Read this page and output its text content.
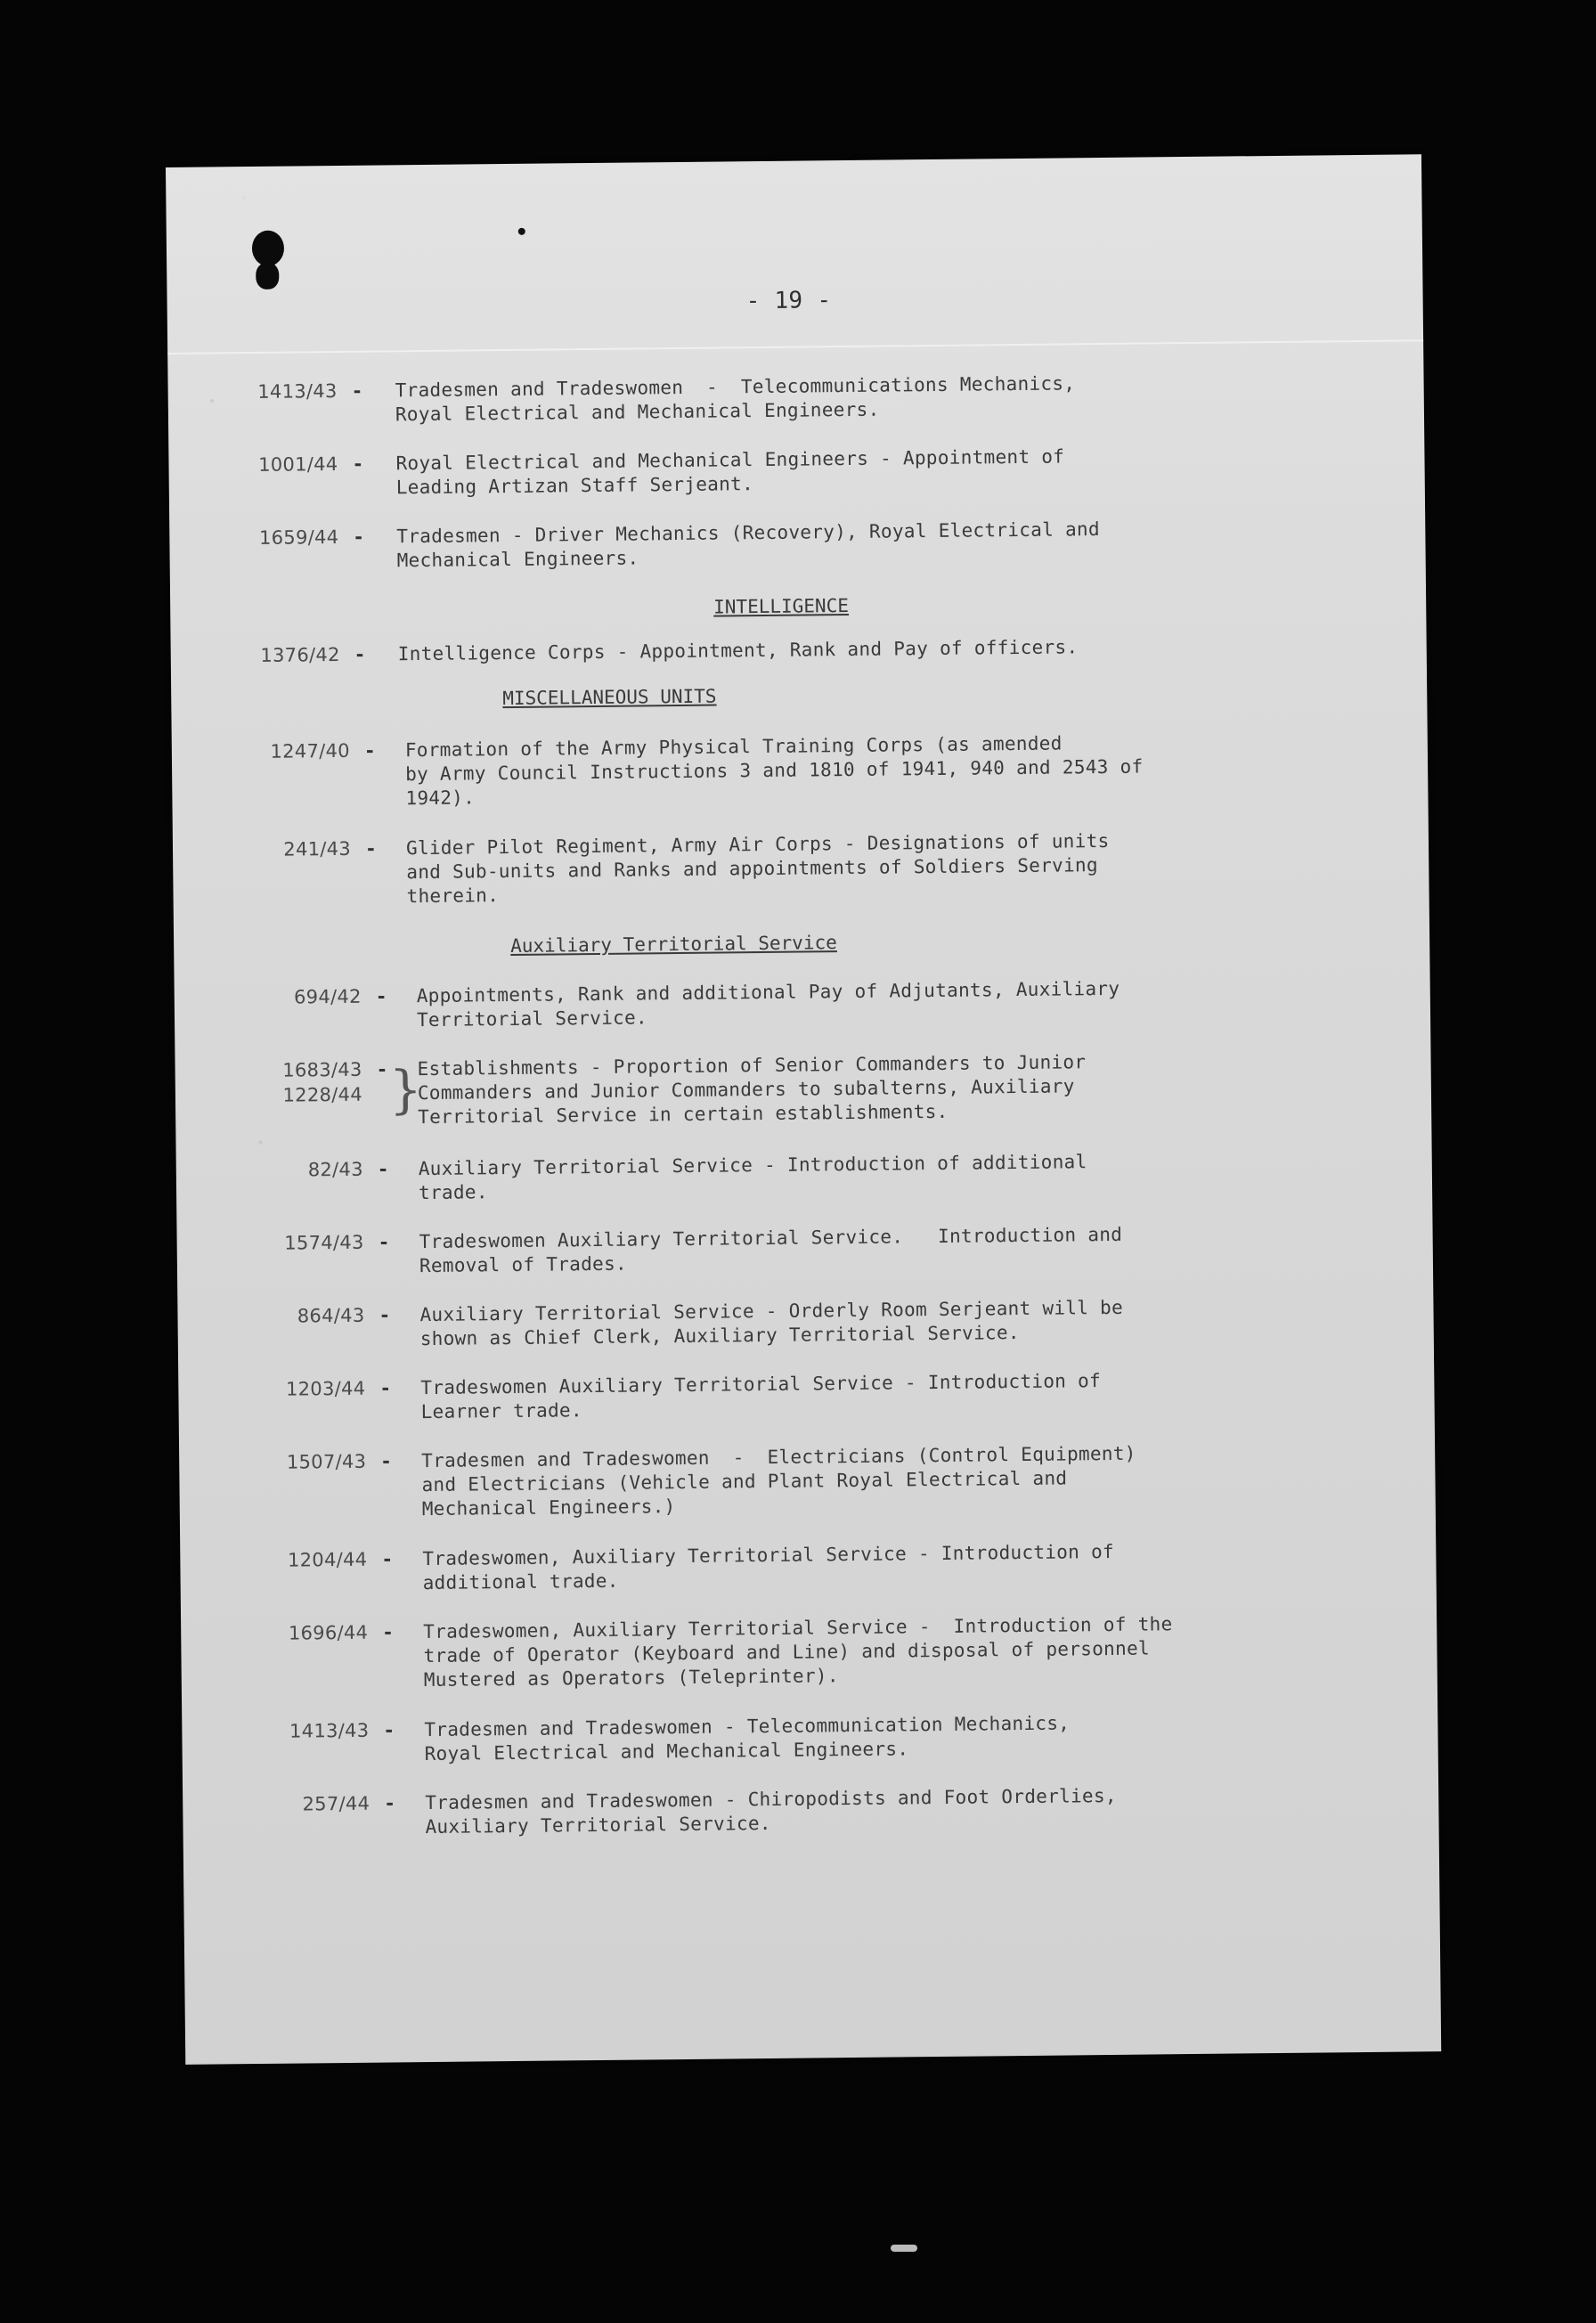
- 19 -
1413/43 - Tradesmen and Tradeswomen  -  Telecommunications Mechanics,
Royal Electrical and Mechanical Engineers.
1001/44 - Royal Electrical and Mechanical Engineers - Appointment of
Leading Artizan Staff Serjeant.
1659/44 - Tradesmen - Driver Mechanics (Recovery), Royal Electrical and
Mechanical Engineers.
INTELLIGENCE
1376/42 - Intelligence Corps - Appointment, Rank and Pay of officers.
MISCELLANEOUS UNITS
1247/40 - Formation of the Army Physical Training Corps (as amended
by Army Council Instructions 3 and 1810 of 1941, 940 and 2543 of
1942).
241/43 - Glider Pilot Regiment, Army Air Corps - Designations of units
and Sub-units and Ranks and appointments of Soldiers Serving
therein.
Auxiliary Territorial Service
694/42 - Appointments, Rank and additional Pay of Adjutants, Auxiliary
Territorial Service.
1683/43
1228/44
- }
Establishments - Proportion of Senior Commanders to Junior
Commanders and Junior Commanders to subalterns, Auxiliary
Territorial Service in certain establishments.
82/43 - Auxiliary Territorial Service - Introduction of additional
trade.
1574/43 - Tradeswomen Auxiliary Territorial Service.   Introduction and
Removal of Trades.
864/43 - Auxiliary Territorial Service - Orderly Room Serjeant will be
shown as Chief Clerk, Auxiliary Territorial Service.
1203/44 - Tradeswomen Auxiliary Territorial Service - Introduction of
Learner trade.
1507/43 - Tradesmen and Tradeswomen  -  Electricians (Control Equipment)
and Electricians (Vehicle and Plant Royal Electrical and
Mechanical Engineers.)
1204/44 - Tradeswomen, Auxiliary Territorial Service - Introduction of
additional trade.
1696/44 - Tradeswomen, Auxiliary Territorial Service -  Introduction of the
trade of Operator (Keyboard and Line) and disposal of personnel
Mustered as Operators (Teleprinter).
1413/43 - Tradesmen and Tradeswomen - Telecommunication Mechanics,
Royal Electrical and Mechanical Engineers.
257/44 - Tradesmen and Tradeswomen - Chiropodists and Foot Orderlies,
Auxiliary Territorial Service.
